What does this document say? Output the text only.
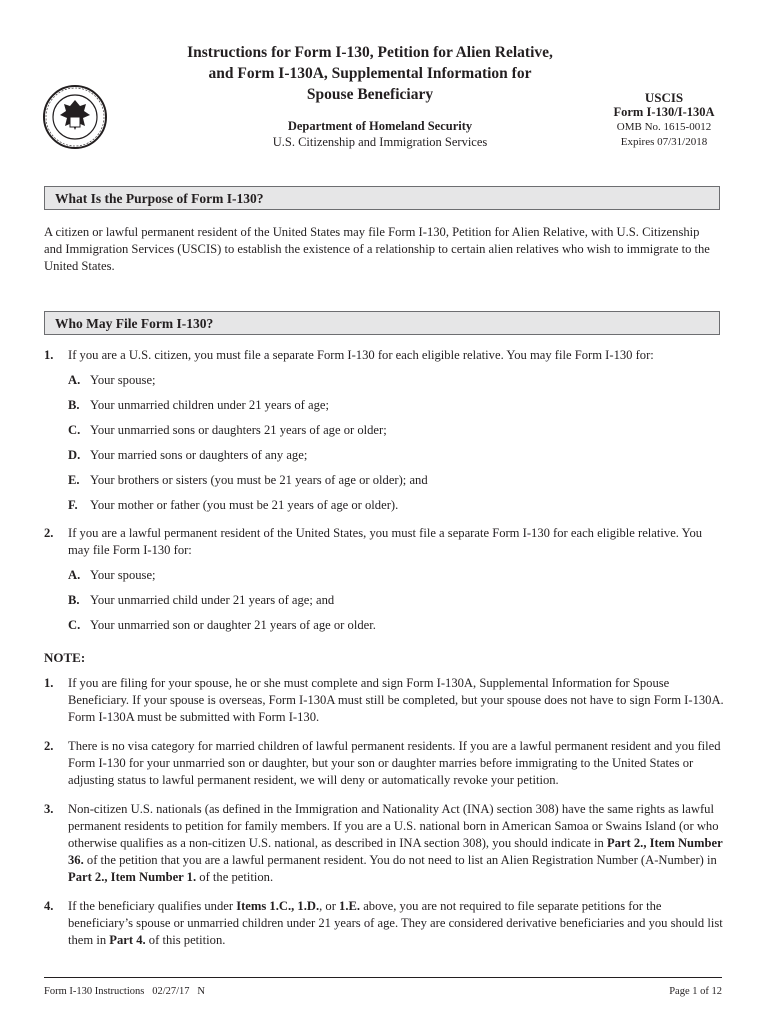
Instructions for Form I-130, Petition for Alien Relative,
and Form I-130A, Supplemental Information for
Spouse Beneficiary
Department of Homeland Security
U.S. Citizenship and Immigration Services
USCIS
Form I-130/I-130A
OMB No. 1615-0012
Expires 07/31/2018
What Is the Purpose of Form I-130?
A citizen or lawful permanent resident of the United States may file Form I-130, Petition for Alien Relative, with U.S. Citizenship and Immigration Services (USCIS) to establish the existence of a relationship to certain alien relatives who wish to immigrate to the United States.
Who May File Form I-130?
1. If you are a U.S. citizen, you must file a separate Form I-130 for each eligible relative. You may file Form I-130 for:
A. Your spouse;
B. Your unmarried children under 21 years of age;
C. Your unmarried sons or daughters 21 years of age or older;
D. Your married sons or daughters of any age;
E. Your brothers or sisters (you must be 21 years of age or older); and
F. Your mother or father (you must be 21 years of age or older).
2. If you are a lawful permanent resident of the United States, you must file a separate Form I-130 for each eligible relative. You may file Form I-130 for:
A. Your spouse;
B. Your unmarried child under 21 years of age; and
C. Your unmarried son or daughter 21 years of age or older.
NOTE:
1. If you are filing for your spouse, he or she must complete and sign Form I-130A, Supplemental Information for Spouse Beneficiary. If your spouse is overseas, Form I-130A must still be completed, but your spouse does not have to sign Form I-130A. Form I-130A must be submitted with Form I-130.
2. There is no visa category for married children of lawful permanent residents. If you are a lawful permanent resident and you filed Form I-130 for your unmarried son or daughter, but your son or daughter marries before immigrating to the United States or adjusting status to lawful permanent resident, we will deny or automatically revoke your petition.
3. Non-citizen U.S. nationals (as defined in the Immigration and Nationality Act (INA) section 308) have the same rights as lawful permanent residents to petition for family members. If you are a U.S. national born in American Samoa or Swains Island (or who otherwise qualifies as a non-citizen U.S. national, as described in INA section 308), you should indicate in Part 2., Item Number 36. of the petition that you are a lawful permanent resident. You do not need to list an Alien Registration Number (A-Number) in Part 2., Item Number 1. of the petition.
4. If the beneficiary qualifies under Items 1.C., 1.D., or 1.E. above, you are not required to file separate petitions for the beneficiary’s spouse or unmarried children under 21 years of age. They are considered derivative beneficiaries and you should list them in Part 4. of this petition.
Form I-130 Instructions   02/27/17   N	Page 1 of 12
